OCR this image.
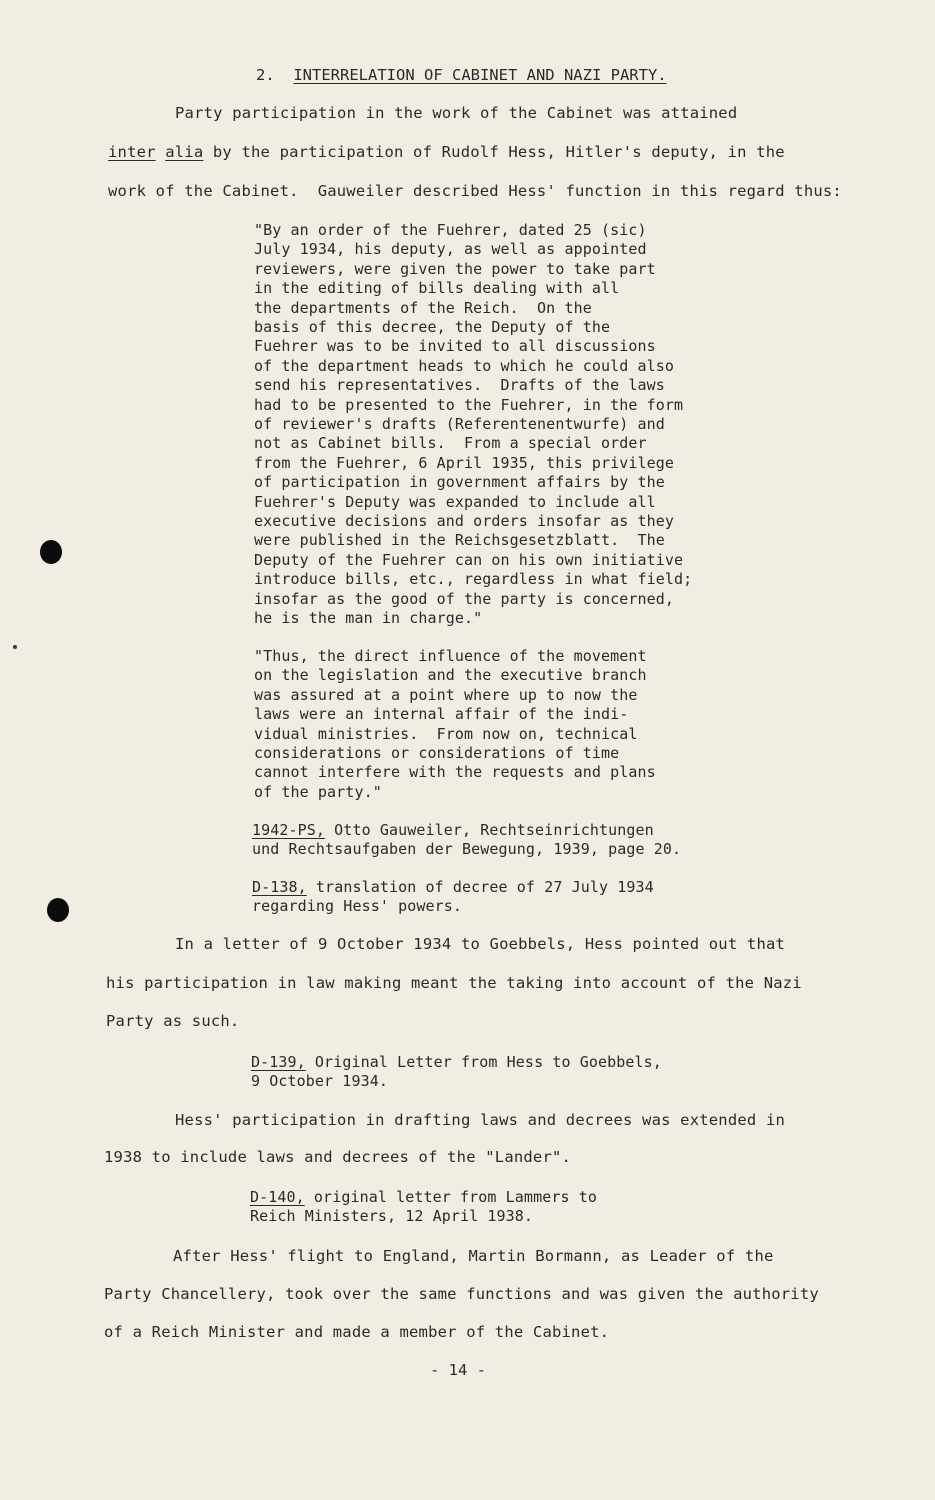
2. INTERRELATION OF CABINET AND NAZI PARTY.
Party participation in the work of the Cabinet was attained
inter alia by the participation of Rudolf Hess, Hitler's deputy, in the
work of the Cabinet.  Gauweiler described Hess' function in this regard thus:
"By an order of the Fuehrer, dated 25 (sic)
July 1934, his deputy, as well as appointed
reviewers, were given the power to take part
in the editing of bills dealing with all
the departments of the Reich.  On the
basis of this decree, the Deputy of the
Fuehrer was to be invited to all discussions
of the department heads to which he could also
send his representatives.  Drafts of the laws
had to be presented to the Fuehrer, in the form
of reviewer's drafts (Referentenentwurfe) and
not as Cabinet bills.  From a special order
from the Fuehrer, 6 April 1935, this privilege
of participation in government affairs by the
Fuehrer's Deputy was expanded to include all
executive decisions and orders insofar as they
were published in the Reichsgesetzblatt.  The
Deputy of the Fuehrer can on his own initiative
introduce bills, etc., regardless in what field;
insofar as the good of the party is concerned,
he is the man in charge."
"Thus, the direct influence of the movement
on the legislation and the executive branch
was assured at a point where up to now the
laws were an internal affair of the indi-
vidual ministries.  From now on, technical
considerations or considerations of time
cannot interfere with the requests and plans
of the party."
1942-PS, Otto Gauweiler, Rechtseinrichtungen
und Rechtsaufgaben der Bewegung, 1939, page 20.
D-138, translation of decree of 27 July 1934
regarding Hess' powers.
In a letter of 9 October 1934 to Goebbels, Hess pointed out that
his participation in law making meant the taking into account of the Nazi
Party as such.
D-139, Original Letter from Hess to Goebbels,
9 October 1934.
Hess' participation in drafting laws and decrees was extended in
1938 to include laws and decrees of the "Lander".
D-140, original letter from Lammers to
Reich Ministers, 12 April 1938.
After Hess' flight to England, Martin Bormann, as Leader of the
Party Chancellery, took over the same functions and was given the authority
of a Reich Minister and made a member of the Cabinet.
- 14 -
